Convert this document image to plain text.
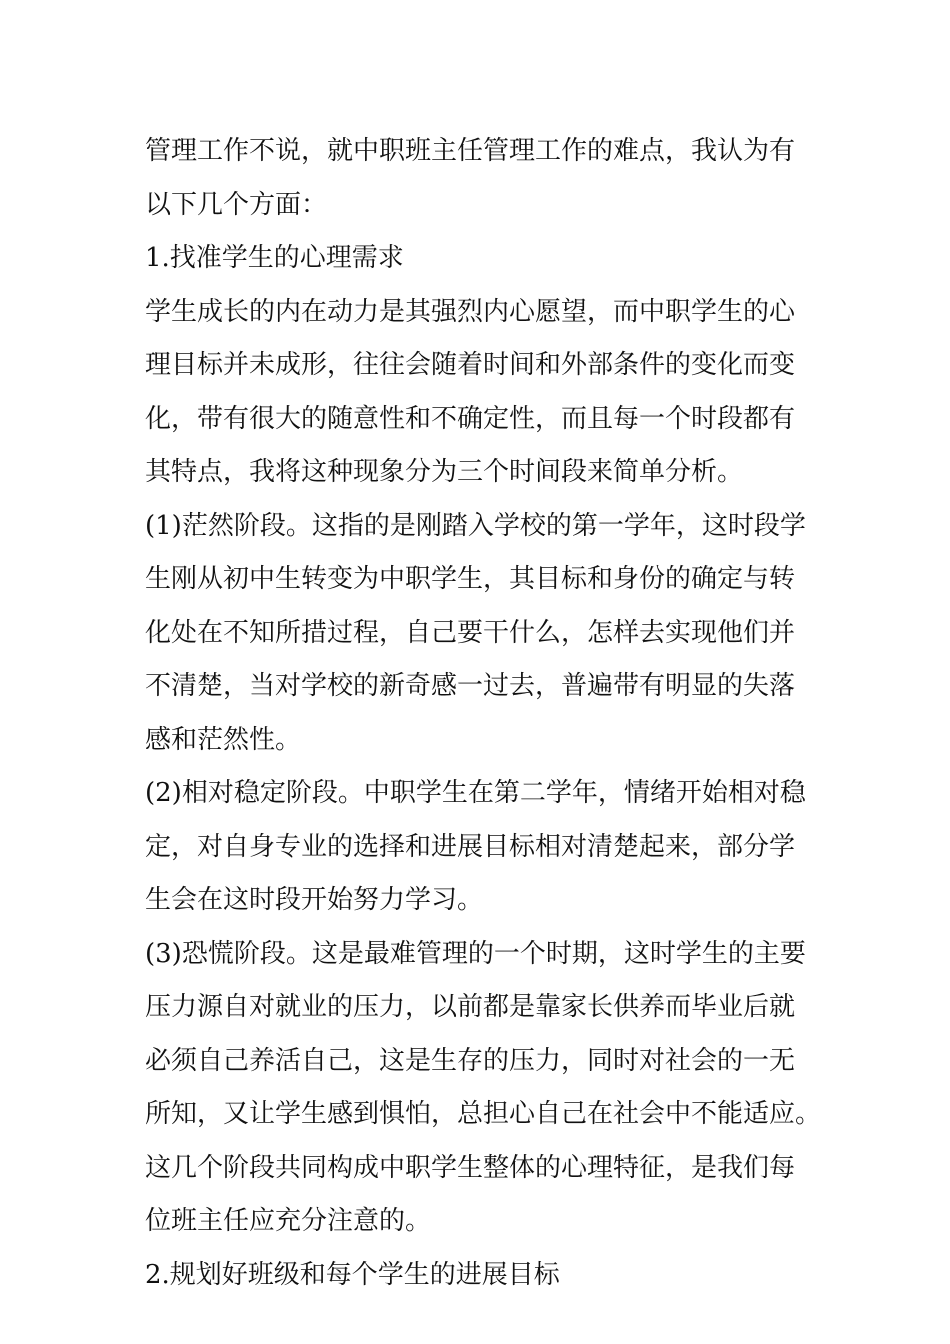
管理工作不说，就中职班主任管理工作的难点，我认为有
以下几个方面：
1.找准学生的心理需求
学生成长的内在动力是其强烈内心愿望，而中职学生的心
理目标并未成形，往往会随着时间和外部条件的变化而变
化，带有很大的随意性和不确定性，而且每一个时段都有
其特点，我将这种现象分为三个时间段来简单分析。
(1)茫然阶段。这指的是刚踏入学校的第一学年，这时段学
生刚从初中生转变为中职学生，其目标和身份的确定与转
化处在不知所措过程，自己要干什么，怎样去实现他们并
不清楚，当对学校的新奇感一过去，普遍带有明显的失落
感和茫然性。
(2)相对稳定阶段。中职学生在第二学年，情绪开始相对稳
定，对自身专业的选择和进展目标相对清楚起来，部分学
生会在这时段开始努力学习。
(3)恐慌阶段。这是最难管理的一个时期，这时学生的主要
压力源自对就业的压力，以前都是靠家长供养而毕业后就
必须自己养活自己，这是生存的压力，同时对社会的一无
所知，又让学生感到惧怕，总担心自己在社会中不能适应。
这几个阶段共同构成中职学生整体的心理特征，是我们每
位班主任应充分注意的。
2.规划好班级和每个学生的进展目标
